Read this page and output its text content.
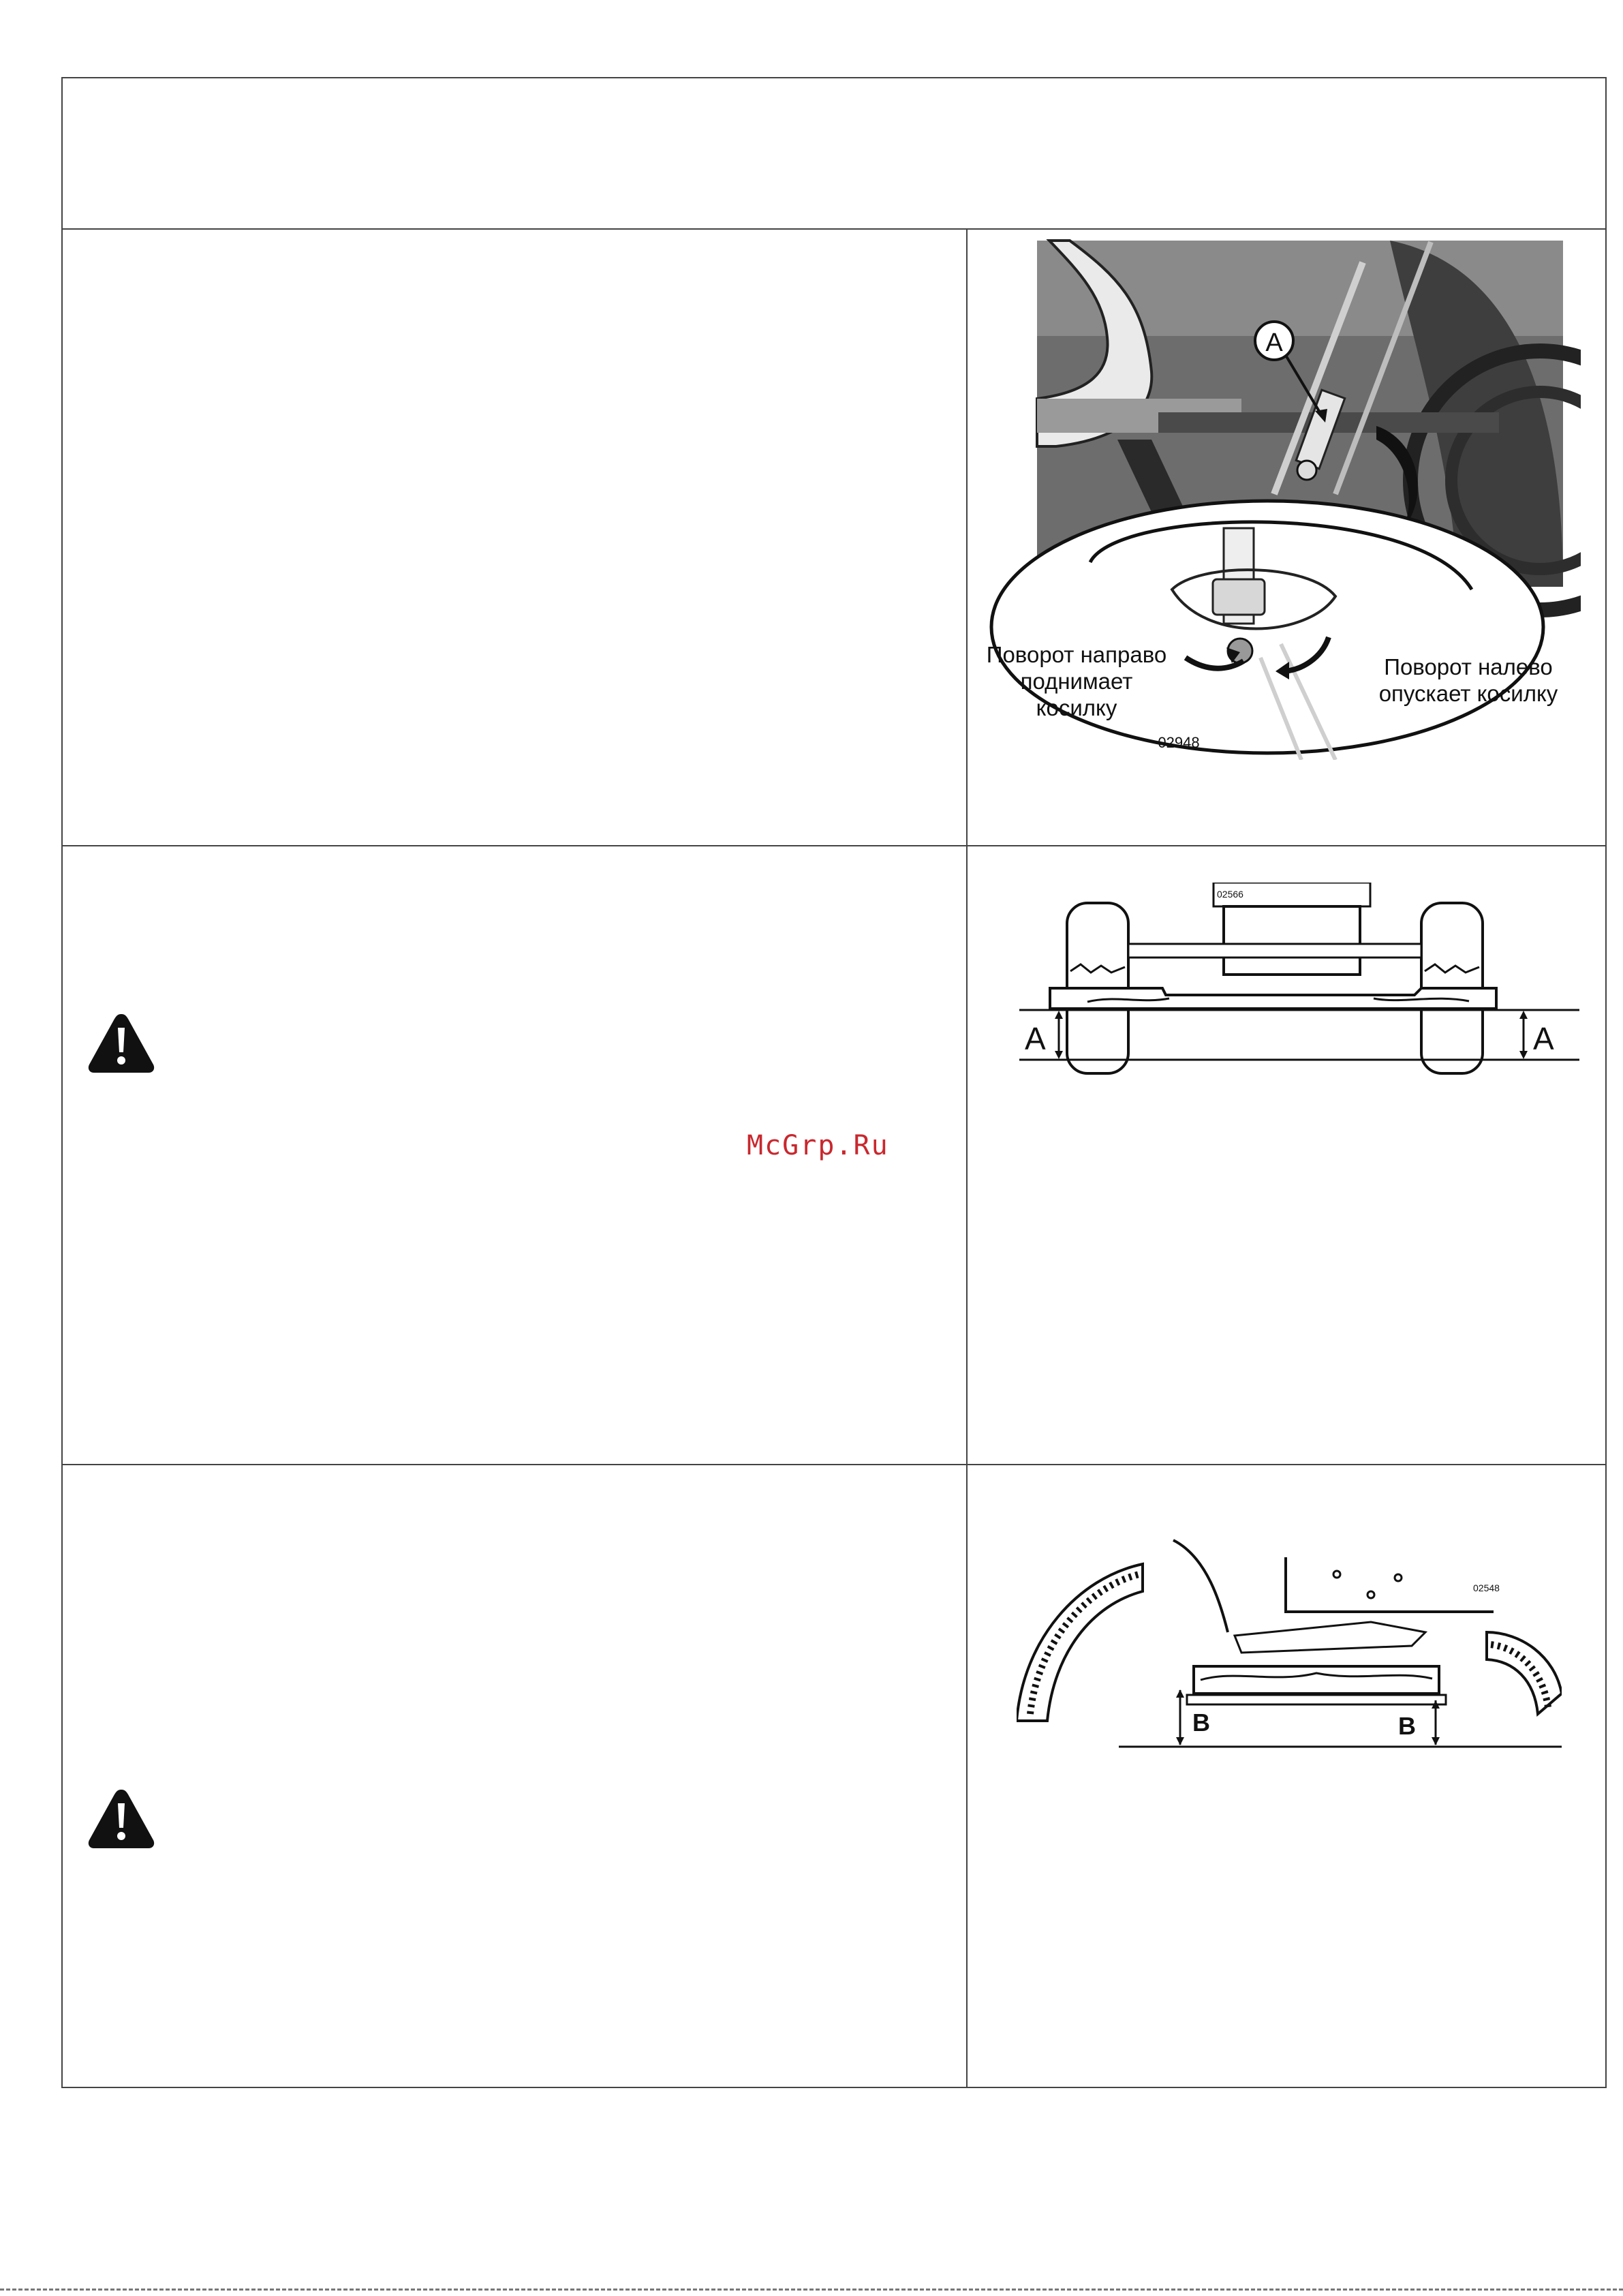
McGrp.Ru
A
Поворот направо
поднимает
косилку
Поворот налево
опускает косилку
02948
02566
A	A
02548
B	B
